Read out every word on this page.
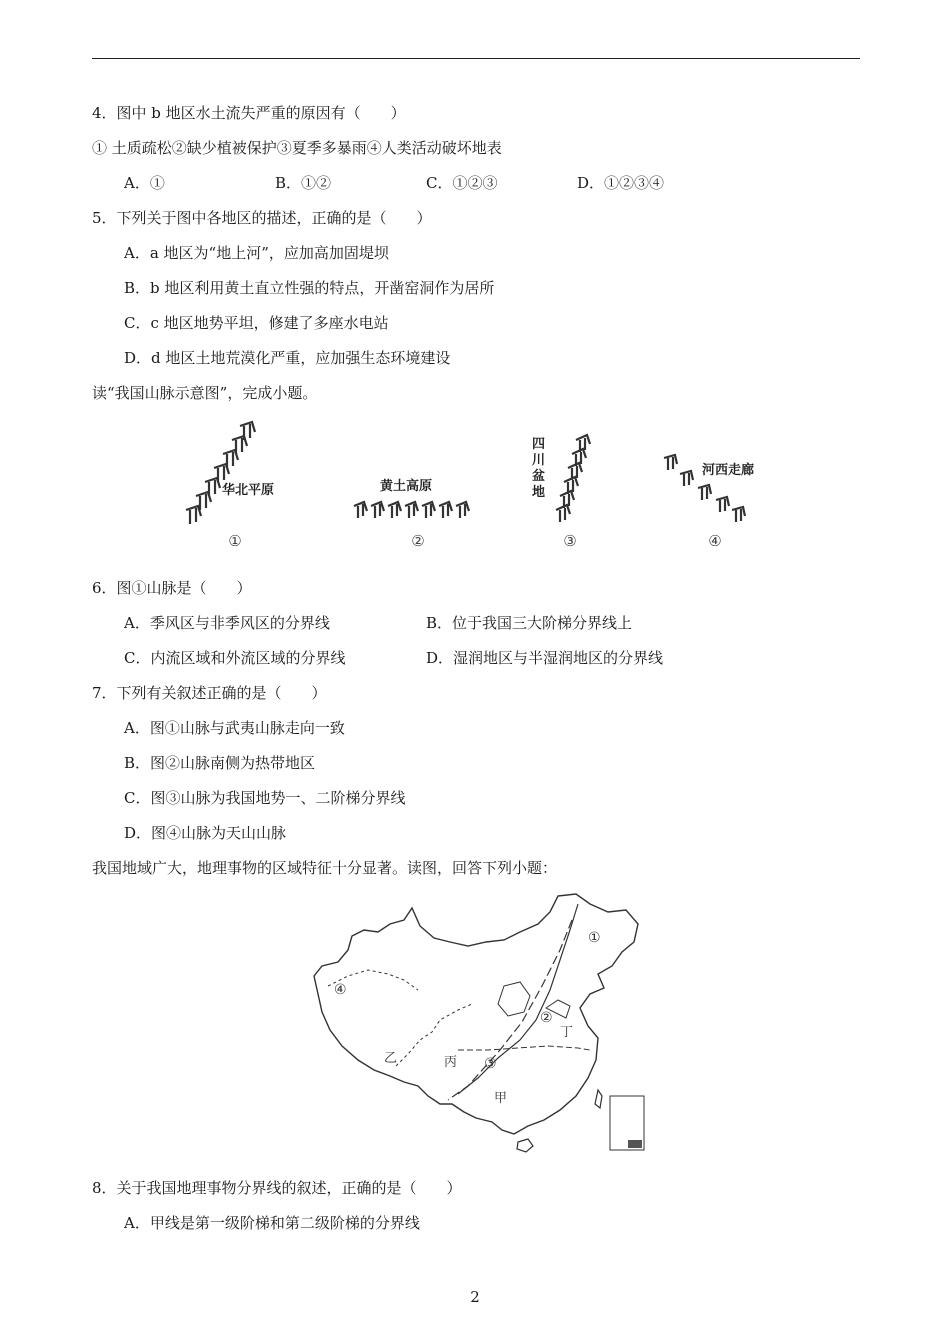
4．图中 b 地区水土流失严重的原因有（　　）
① 土质疏松②缺少植被保护③夏季多暴雨④人类活动破坏地表
A．①	B．①②	C．①②③	D．①②③④
5．下列关于图中各地区的描述，正确的是（　　）
A．a 地区为“地上河”，应加高加固堤坝
B．b 地区利用黄土直立性强的特点，开凿窑洞作为居所
C．c 地区地势平坦，修建了多座水电站
D．d 地区土地荒漠化严重，应加强生态环境建设
读“我国山脉示意图”，完成小题。
华北平原
①
黄土高原
②
四
川
盆
地
③
河西走廊
④
6．图①山脉是（　　）
A．季风区与非季风区的分界线	B．位于我国三大阶梯分界线上
C．内流区域和外流区域的分界线	D．湿润地区与半湿润地区的分界线
7．下列有关叙述正确的是（　　）
A．图①山脉与武夷山脉走向一致
B．图②山脉南侧为热带地区
C．图③山脉为我国地势一、二阶梯分界线
D．图④山脉为天山山脉
我国地域广大，地理事物的区域特征十分显著。读图，回答下列小题：
①
②
③
④
甲
乙	丙
丁
8．关于我国地理事物分界线的叙述，正确的是（　　）
A．甲线是第一级阶梯和第二级阶梯的分界线
2
